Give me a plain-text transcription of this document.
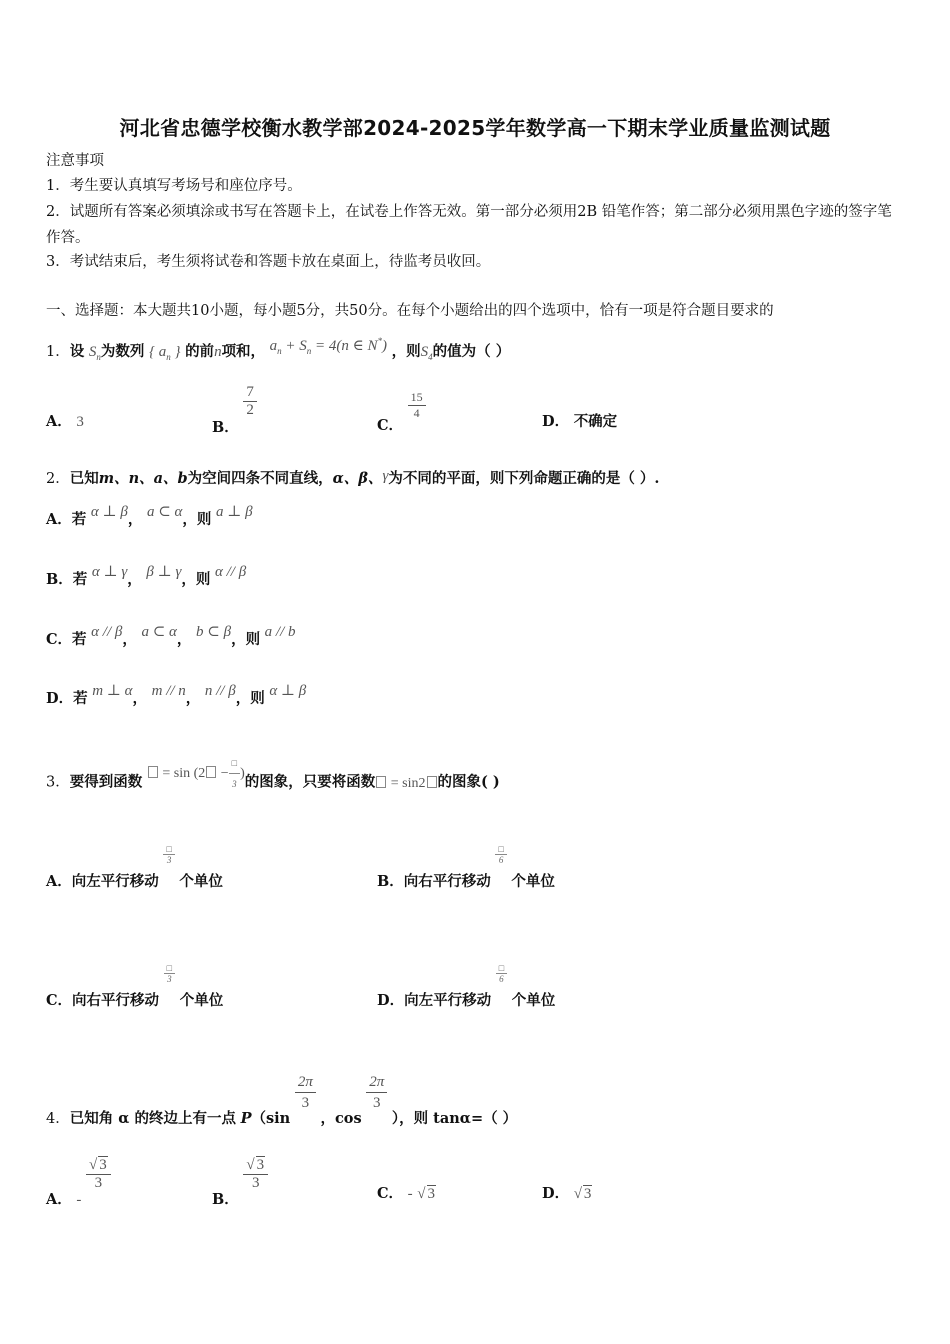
河北省忠德学校衡水教学部2024-2025学年数学高一下期末学业质量监测试题
注意事项
1．考生要认真填写考场号和座位序号。
2．试题所有答案必须填涂或书写在答题卡上，在试卷上作答无效。第一部分必须用2B 铅笔作答；第二部分必须用黑色字迹的签字笔作答。
3．考试结束后，考生须将试卷和答题卡放在桌面上，待监考员收回。
一、选择题：本大题共10小题，每小题5分，共50分。在每个小题给出的四个选项中，恰有一项是符合题目要求的
1．设 $S_n$为数列 { $a_n$ } 的前n项和， $a_n + S_n = 4(n$ ∈ N*) ，则$S_4$的值为（ ）
A． 3	B．
$\frac{7}{2}$
C．
$\frac{15}{4}$
D． 不确定
2．已知m、n、a、b为空间四条不同直线，α、β、γ为不同的平面，则下列命题正确的是（ ）.
A．若 α ⊥ β， a ⊂ α，则 a ⊥ β
B．若 α ⊥ γ， β ⊥ γ，则 α // β
C．若 α // β， a ⊂ α， b ⊂ β，则 a // b
D．若 m ⊥ α， m // n， n // β，则 α ⊥ β
3．要得到函数  = $\sin (2 - \frac{□}{3}$ )的图象，只要将函数 = sin2 的图象( )
A．向左平行移动
$\frac{□}{3}$
个单位	B．向右平行移动
$\frac{□}{6}$
个单位
C．向右平行移动
$\frac{□}{3}$
个单位	D．向左平行移动
$\frac{□}{6}$
个单位
4．已知角 α 的终边上有一点 P（sin
$\frac{2\pi}{3}$
，cos
$\frac{2\pi}{3}$
），则 tanα=（ ）
A． -
$\frac{√ 3}{3}$
B．
$\frac{√ 3}{3}$
C． - √ 3	D． √ 3
